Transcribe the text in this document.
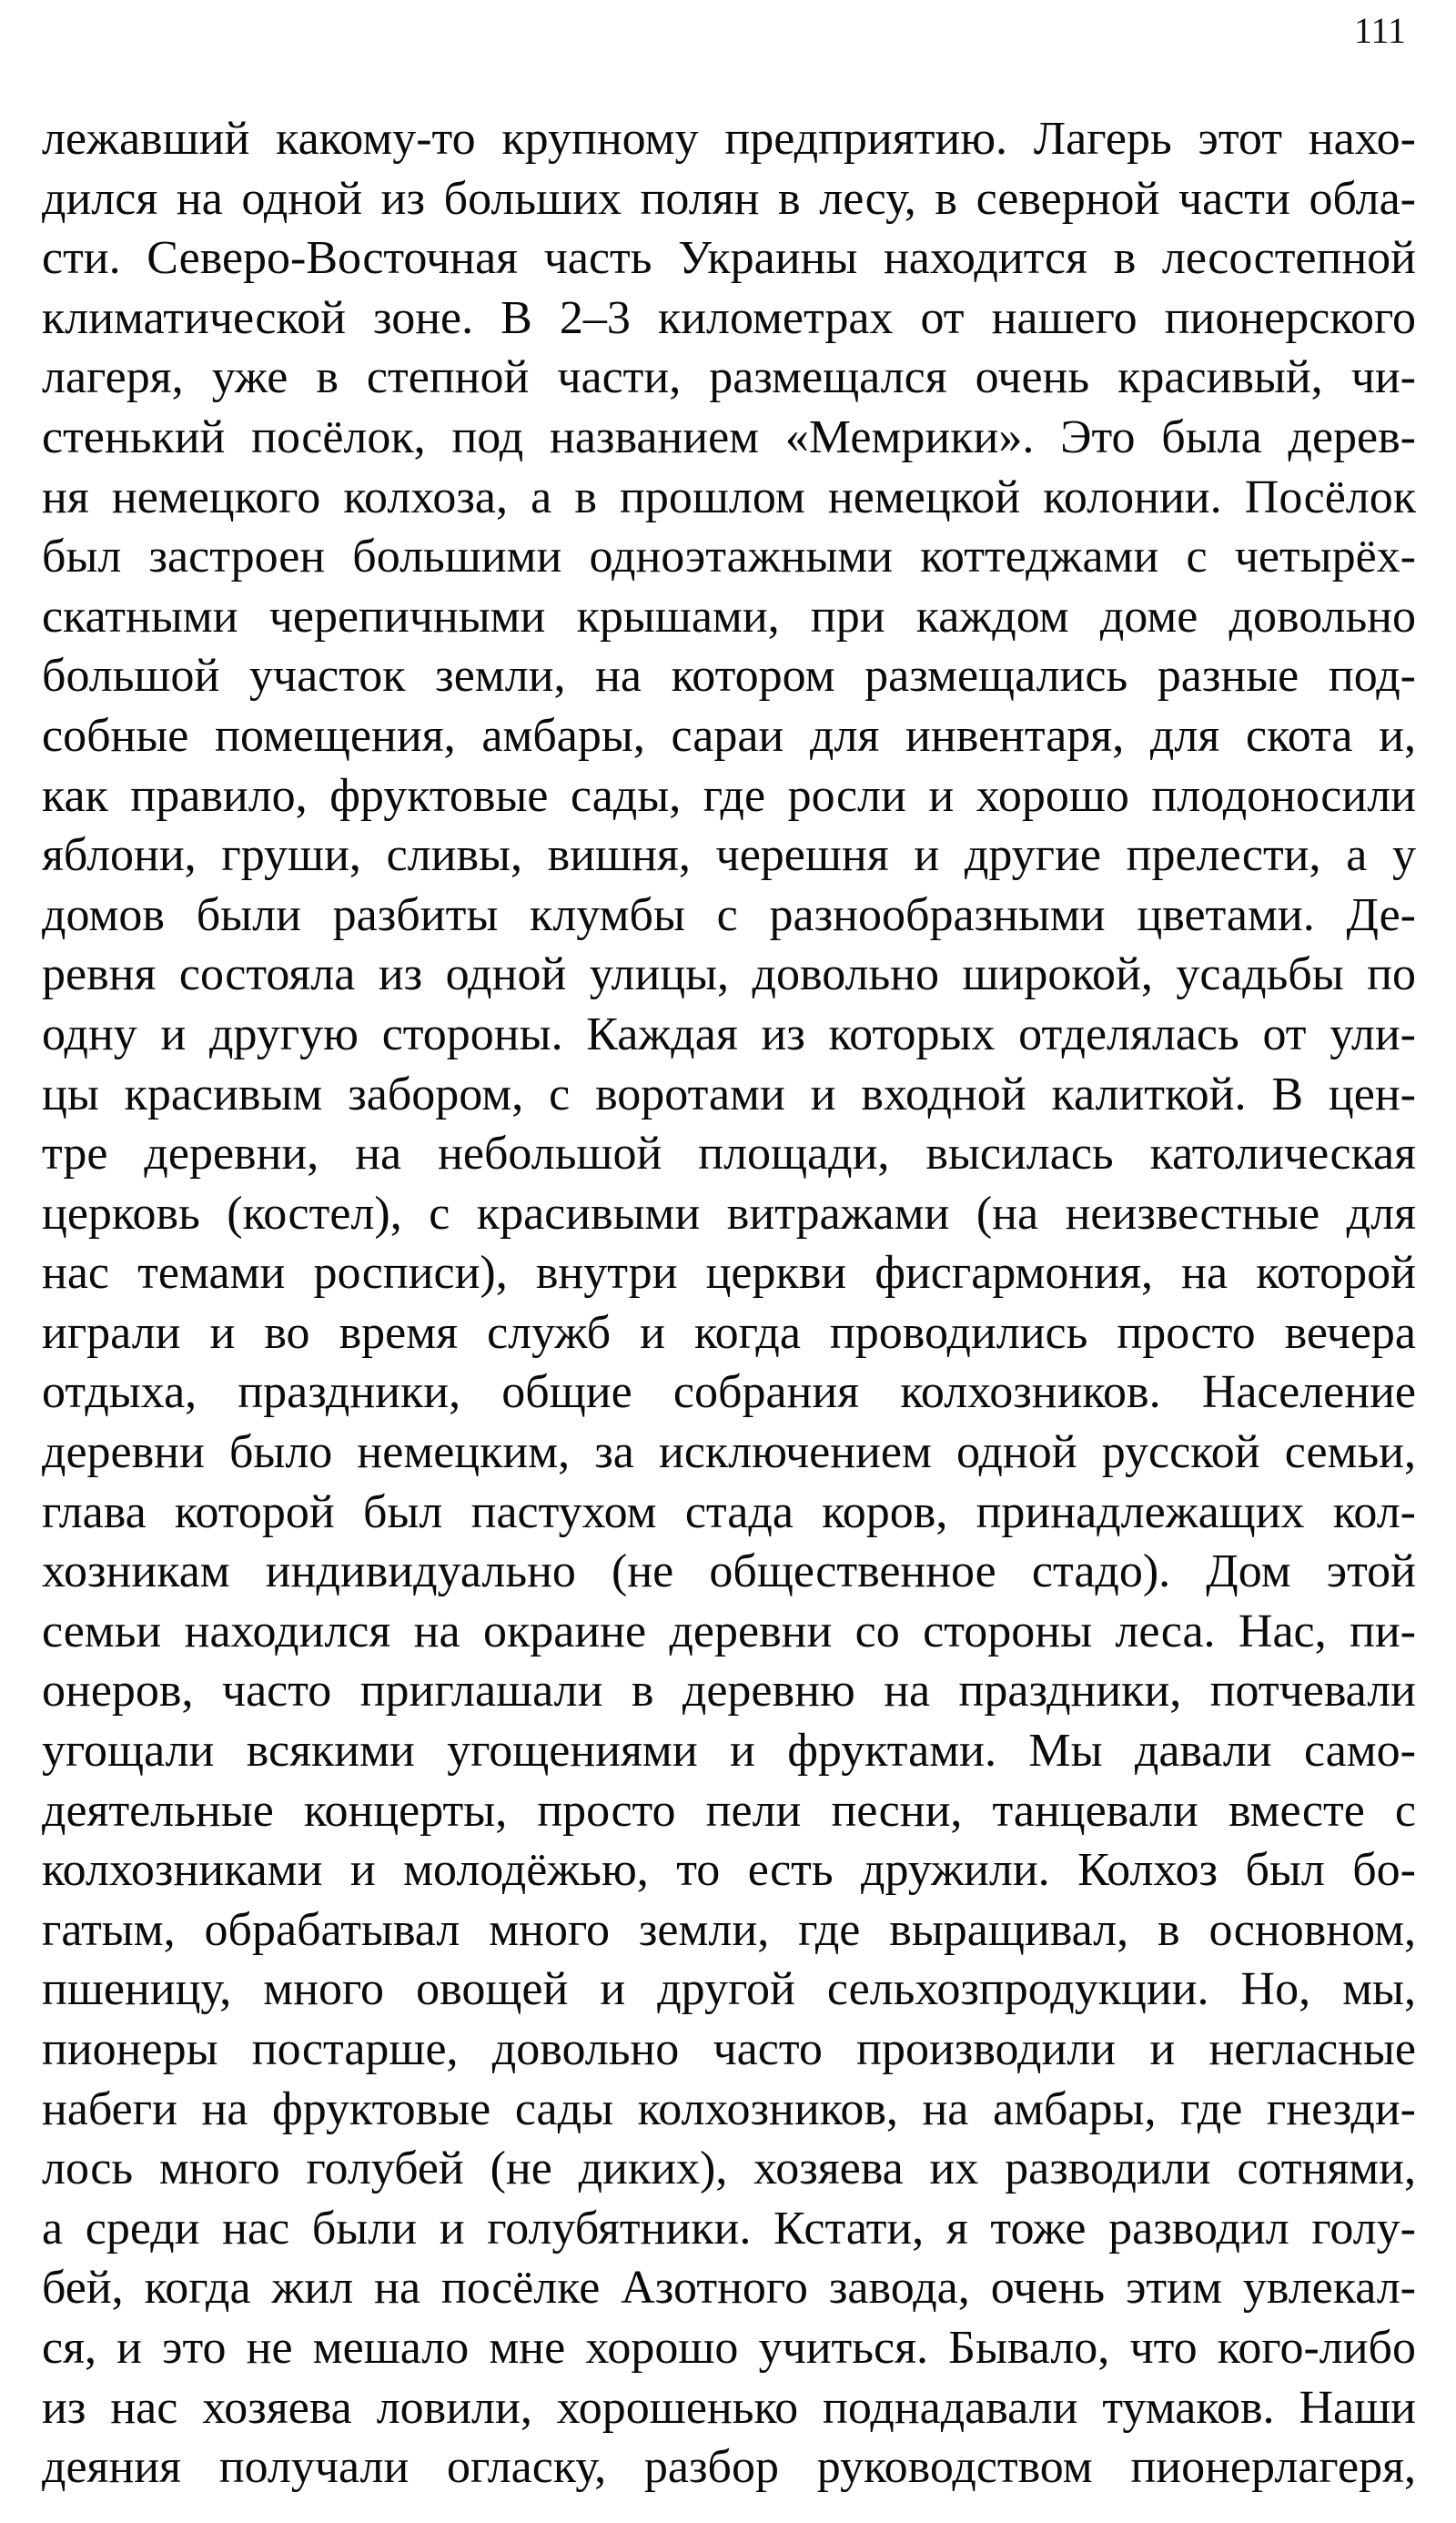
111
лежавший какому-то крупному предприятию. Лагерь этот нахо-
дился на одной из больших полян в лесу, в северной части обла-
сти. Северо-Восточная часть Украины находится в лесостепной
климатической зоне. В 2–3 километрах от нашего пионерского
лагеря, уже в степной части, размещался очень красивый, чи-
стенький посёлок, под названием «Мемрики». Это была дерев-
ня немецкого колхоза, а в прошлом немецкой колонии. Посёлок
был застроен большими одноэтажными коттеджами с четырёх-
скатными черепичными крышами, при каждом доме довольно
большой участок земли, на котором размещались разные под-
собные помещения, амбары, сараи для инвентаря, для скота и,
как правило, фруктовые сады, где росли и хорошо плодоносили
яблони, груши, сливы, вишня, черешня и другие прелести, а у
домов были разбиты клумбы с разнообразными цветами. Де-
ревня состояла из одной улицы, довольно широкой, усадьбы по
одну и другую стороны. Каждая из которых отделялась от ули-
цы красивым забором, с воротами и входной калиткой. В цен-
тре деревни, на небольшой площади, высилась католическая
церковь (костел), с красивыми витражами (на неизвестные для
нас темами росписи), внутри церкви фисгармония, на которой
играли и во время служб и когда проводились просто вечера
отдыха, праздники, общие собрания колхозников. Население
деревни было немецким, за исключением одной русской семьи,
глава которой был пастухом стада коров, принадлежащих кол-
хозникам индивидуально (не общественное стадо). Дом этой
семьи находился на окраине деревни со стороны леса. Нас, пи-
онеров, часто приглашали в деревню на праздники, потчевали
угощали всякими угощениями и фруктами. Мы давали само-
деятельные концерты, просто пели песни, танцевали вместе с
колхозниками и молодёжью, то есть дружили. Колхоз был бо-
гатым, обрабатывал много земли, где выращивал, в основном,
пшеницу, много овощей и другой сельхозпродукции. Но, мы,
пионеры постарше, довольно часто производили и негласные
набеги на фруктовые сады колхозников, на амбары, где гнезди-
лось много голубей (не диких), хозяева их разводили сотнями,
а среди нас были и голубятники. Кстати, я тоже разводил голу-
бей, когда жил на посёлке Азотного завода, очень этим увлекал-
ся, и это не мешало мне хорошо учиться. Бывало, что кого-либо
из нас хозяева ловили, хорошенько поднадавали тумаков. Наши
деяния получали огласку, разбор руководством пионерлагеря,
